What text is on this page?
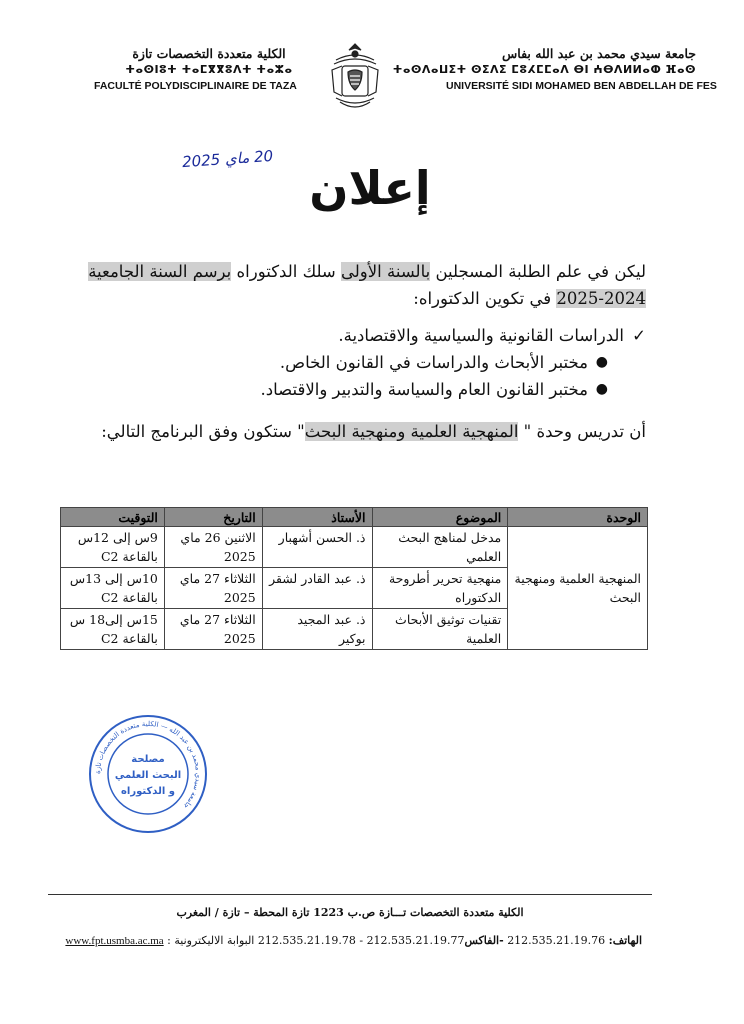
جامعة سيدي محمد بن عبد الله بفاس
ⵜⴰⵙⴷⴰⵡⵉⵜ ⵙⵉⴷⵉ ⵎⵓⵃⵎⵎⴰⴷ ⴱⵏ ⵄⴱⴷⵍⵍⴰⵀ ⴼⴰⵙ
UNIVERSITÉ SIDI MOHAMED BEN ABDELLAH DE FES
الكلية متعددة التخصصات تازة
ⵜⴰⵙⵏⵓⵜ ⵜⴰⵎⴳⴳⵓⴷⵜ ⵜⴰⵣⴰ
FACULTÉ POLYDISCIPLINAIRE DE TAZA
20 ماي 2025
إعلان
ليكن في علم الطلبة المسجلين بالسنة الأولى سلك الدكتوراه برسم السنة الجامعية 2024-2025 في تكوين الدكتوراه:
✓
الدراسات القانونية والسياسية والاقتصادية.
●
مختبر الأبحاث والدراسات في القانون الخاص.
●
مختبر القانون العام والسياسة والتدبير والاقتصاد.
أن تدريس وحدة " المنهجية العلمية ومنهجية البحث" ستكون وفق البرنامج التالي:
الوحدة	الموضوع	الأستاذ	التاريخ	التوقيت
المنهجية العلمية ومنهجية البحث	مدخل لمناهج البحث العلمي	ذ. الحسن أشهبار	الاثنين 26 ماي 2025	9س إلى 12س بالقاعة C2
	منهجية تحرير أطروحة الدكتوراه	ذ. عبد القادر لشقر	الثلاثاء 27 ماي 2025	10س إلى 13س بالقاعة C2
	تقنيات توثيق الأبحاث العلمية	ذ. عبد المجيد بوكير	الثلاثاء 27 ماي 2025	15س إلى18 س بالقاعة C2
جامعة سيدي محمد بن عبد الله — الكلية متعددة التخصصات تازة
مصلحة
البحث العلمي
و الدكتوراه
الكلية متعددة التخصصات تـــازة ص.ب 1223 تازة المحطة – تازة / المغرب
الهاتف: 212.535.21.19.76 -الفاكس212.535.21.19.77 - 212.535.21.19.78 البوابة الاليكترونية : www.fpt.usmba.ac.ma
